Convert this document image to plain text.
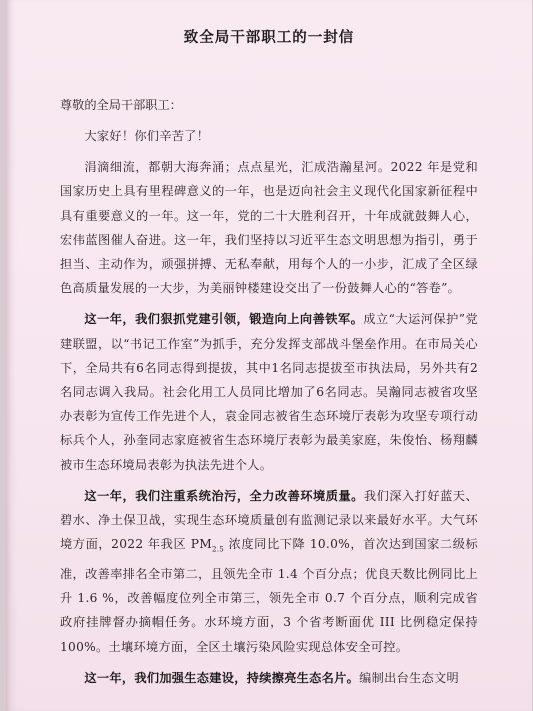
致全局干部职工的一封信

尊敬的全局干部职工：

大家好！你们辛苦了！

涓滴细流，都朝大海奔涌；点点星光，汇成浩瀚星河。2022 年是党和国家历史上具有里程碑意义的一年，也是迈向社会主义现代化国家新征程中具有重要意义的一年。这一年，党的二十大胜利召开，十年成就鼓舞人心，宏伟蓝图催人奋进。这一年，我们坚持以习近平生态文明思想为指引，勇于担当、主动作为，顽强拼搏、无私奉献，用每个人的一小步，汇成了全区绿色高质量发展的一大步，为美丽钟楼建设交出了一份鼓舞人心的“答卷”。

这一年，我们狠抓党建引领，锻造向上向善铁军。成立“大运河保护”党建联盟，以“书记工作室”为抓手，充分发挥支部战斗堡垒作用。在市局关心下，全局共有6名同志得到提拔，其中1名同志提拔至市执法局，另外共有2名同志调入我局。社会化用工人员同比增加了6名同志。吴瀚同志被省攻坚办表彰为宣传工作先进个人，袁金同志被省生态环境厅表彰为攻坚专项行动标兵个人，孙奎同志家庭被省生态环境厅表彰为最美家庭，朱俊怡、杨翔麟被市生态环境局表彰为执法先进个人。

这一年，我们注重系统治污，全力改善环境质量。我们深入打好蓝天、碧水、净土保卫战，实现生态环境质量创有监测记录以来最好水平。大气环境方面，2022 年我区 $PM_{2.5}$ 浓度同比下降 10.0%，首次达到国家二级标准，改善率排名全市第二，且领先全市 1.4 个百分点；优良天数比例同比上升 1.6 %，改善幅度位列全市第三，领先全市 0.7 个百分点，顺利完成省政府挂牌督办摘帽任务。水环境方面，3 个省考断面优 III 比例稳定保持 100%。土壤环境方面，全区土壤污染风险实现总体安全可控。

这一年，我们加强生态建设，持续擦亮生态名片。编制出台生态文明
